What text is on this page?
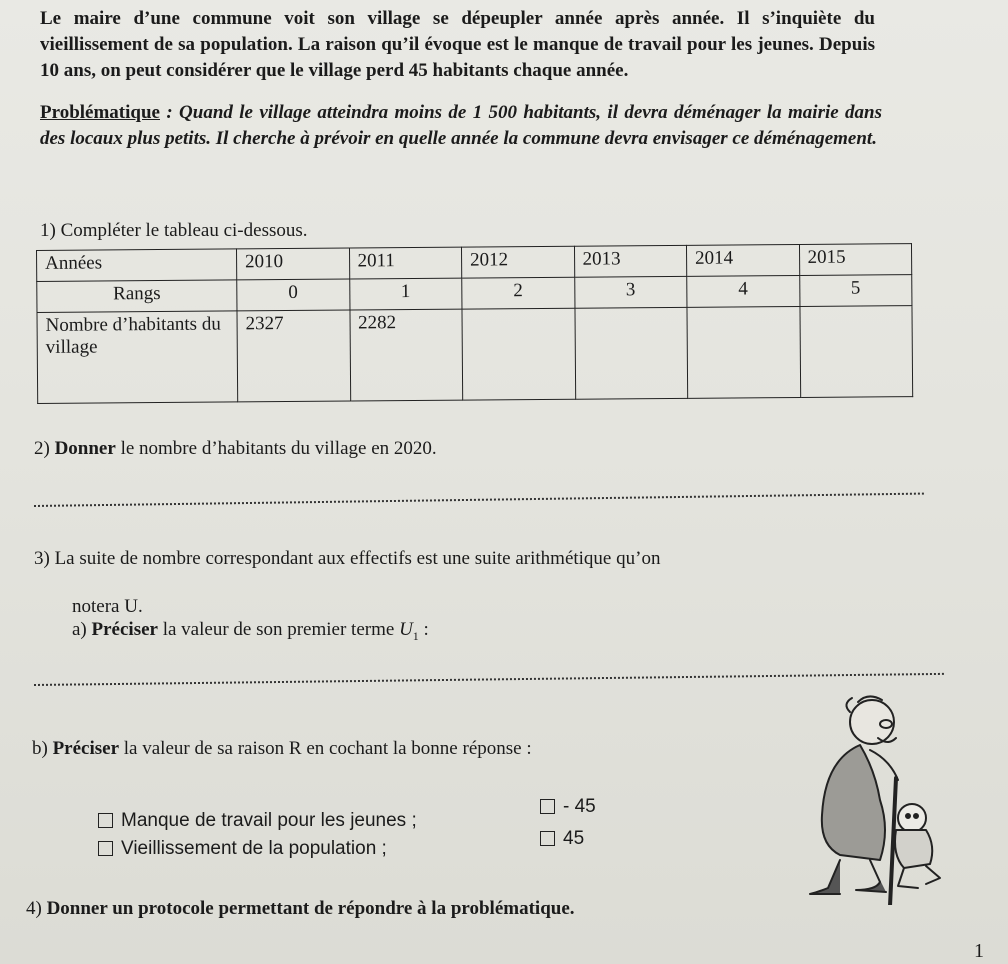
Le maire d’une commune voit son village se dépeupler année après année. Il s’inquiète du vieillissement de sa population. La raison qu’il évoque est le manque de travail pour les jeunes. Depuis 10 ans, on peut considérer que le village perd 45 habitants chaque année.
Problématique : Quand le village atteindra moins de 1 500 habitants, il devra déménager la mairie dans des locaux plus petits. Il cherche à prévoir en quelle année la commune devra envisager ce déménagement.
1) Compléter le tableau ci-dessous.
Années	2010	2011	2012	2013	2014	2015
Rangs	0	1	2	3	4	5
Nombre d’habitants du village	2327	2282				
2) Donner le nombre d’habitants du village en 2020.
3) La suite de nombre correspondant aux effectifs est une suite arithmétique qu’on
notera U.
a) Préciser la valeur de son premier terme $U_1$ :
b) Préciser la valeur de sa raison R en cochant la bonne réponse :
Manque de travail pour les jeunes ;
Vieillissement de la population ;
- 45
45
4) Donner un protocole permettant de répondre à la problématique.
1
